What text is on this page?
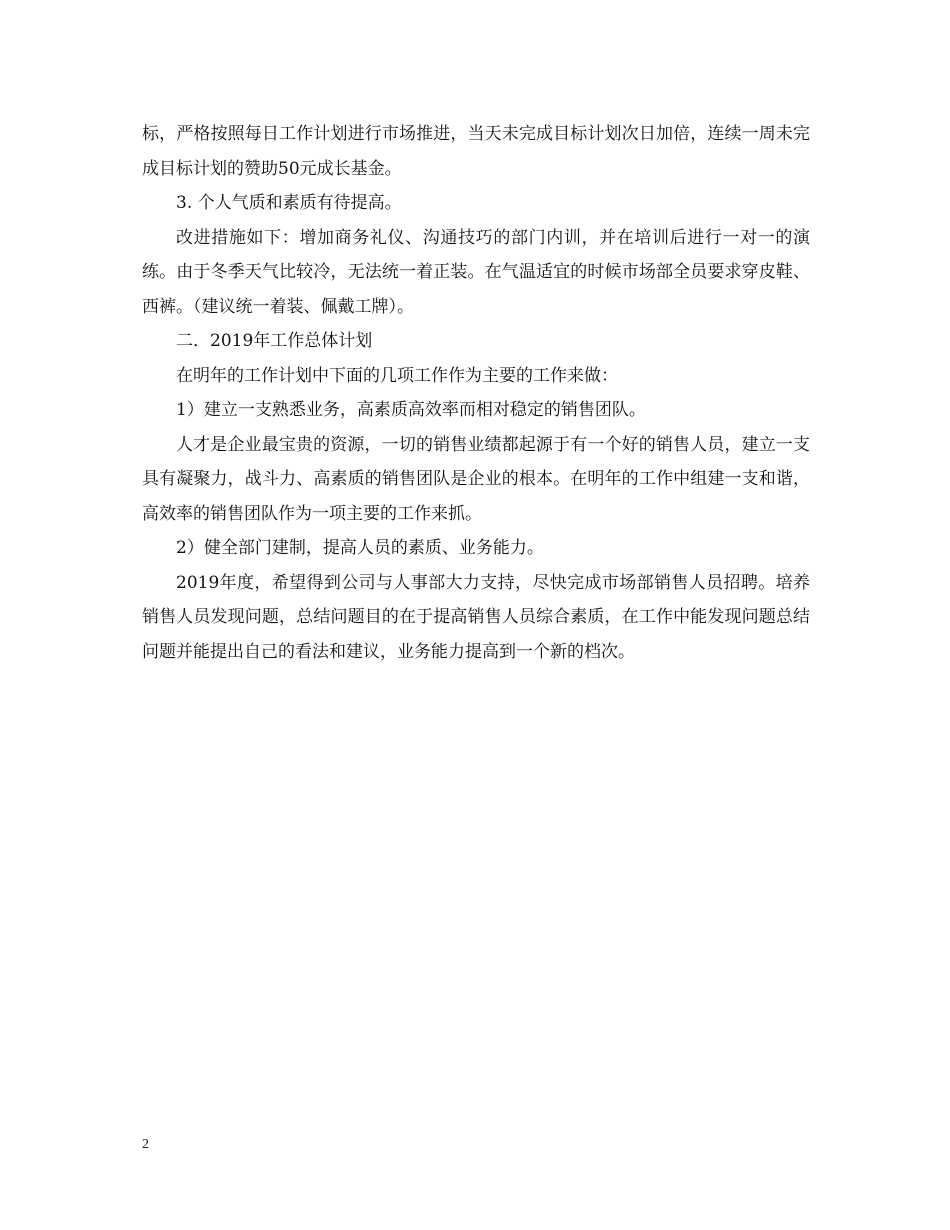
标，严格按照每日工作计划进行市场推进，当天未完成目标计划次日加倍，连续一周未完成目标计划的赞助50元成长基金。

3. 个人气质和素质有待提高。

改进措施如下：增加商务礼仪、沟通技巧的部门内训，并在培训后进行一对一的演练。由于冬季天气比较冷，无法统一着正装。在气温适宜的时候市场部全员要求穿皮鞋、西裤。（建议统一着装、佩戴工牌）。

二．2019年工作总体计划

在明年的工作计划中下面的几项工作作为主要的工作来做：

1）建立一支熟悉业务，高素质高效率而相对稳定的销售团队。

人才是企业最宝贵的资源，一切的销售业绩都起源于有一个好的销售人员，建立一支具有凝聚力，战斗力、高素质的销售团队是企业的根本。在明年的工作中组建一支和谐，高效率的销售团队作为一项主要的工作来抓。

2）健全部门建制，提高人员的素质、业务能力。

2019年度，希望得到公司与人事部大力支持，尽快完成市场部销售人员招聘。培养销售人员发现问题，总结问题目的在于提高销售人员综合素质，在工作中能发现问题总结问题并能提出自己的看法和建议，业务能力提高到一个新的档次。

2
